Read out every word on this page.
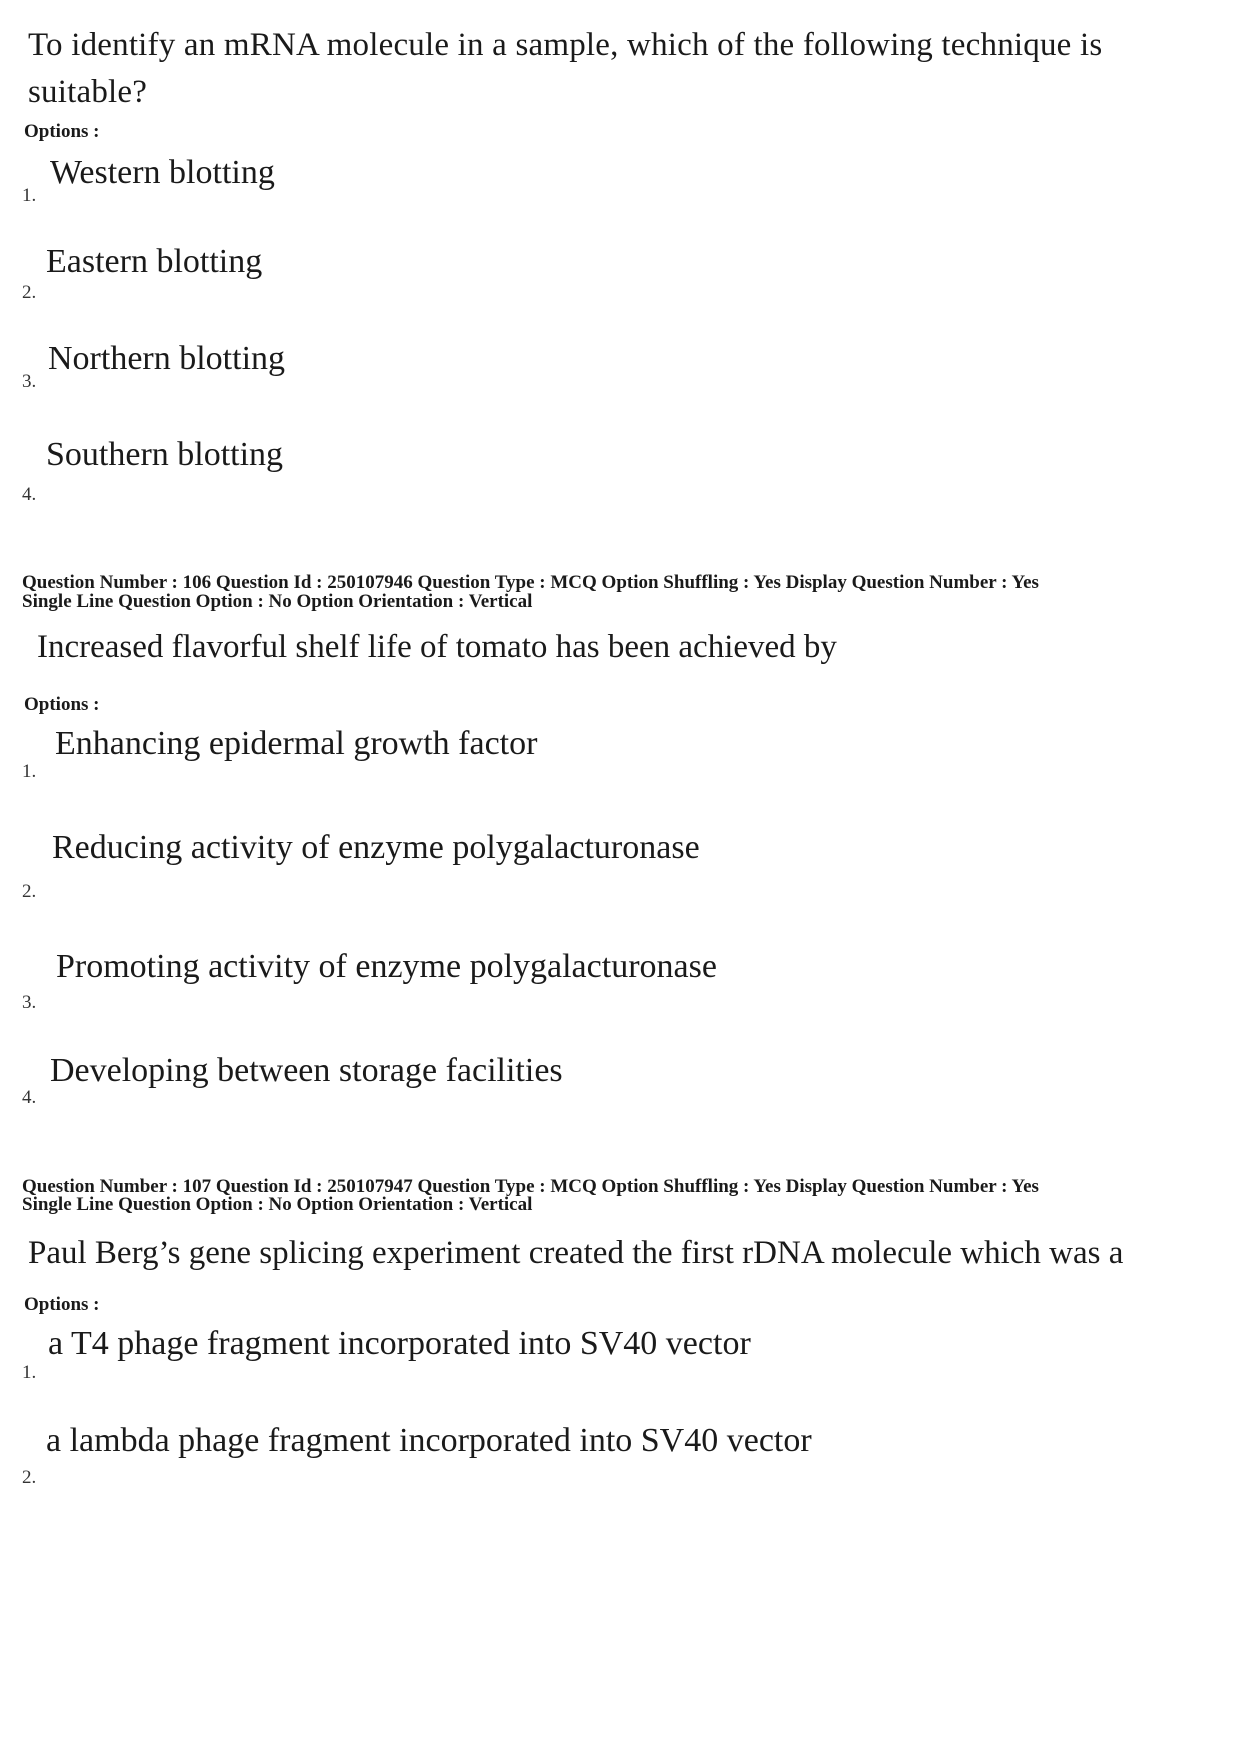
To identify an mRNA molecule in a sample, which of the following technique is suitable?
Options :
Western blotting
1.
Eastern blotting
2.
Northern blotting
3.
Southern blotting
4.
Question Number : 106 Question Id : 250107946 Question Type : MCQ Option Shuffling : Yes Display Question Number : Yes
Single Line Question Option : No Option Orientation : Vertical
Increased flavorful shelf life of tomato has been achieved by
Options :
Enhancing epidermal growth factor
1.
Reducing activity of enzyme polygalacturonase
2.
Promoting activity of enzyme polygalacturonase
3.
Developing between storage facilities
4.
Question Number : 107 Question Id : 250107947 Question Type : MCQ Option Shuffling : Yes Display Question Number : Yes
Single Line Question Option : No Option Orientation : Vertical
Paul Berg’s gene splicing experiment created the first rDNA molecule which was a
Options :
a T4 phage fragment incorporated into SV40 vector
1.
a lambda phage fragment incorporated into SV40 vector
2.
